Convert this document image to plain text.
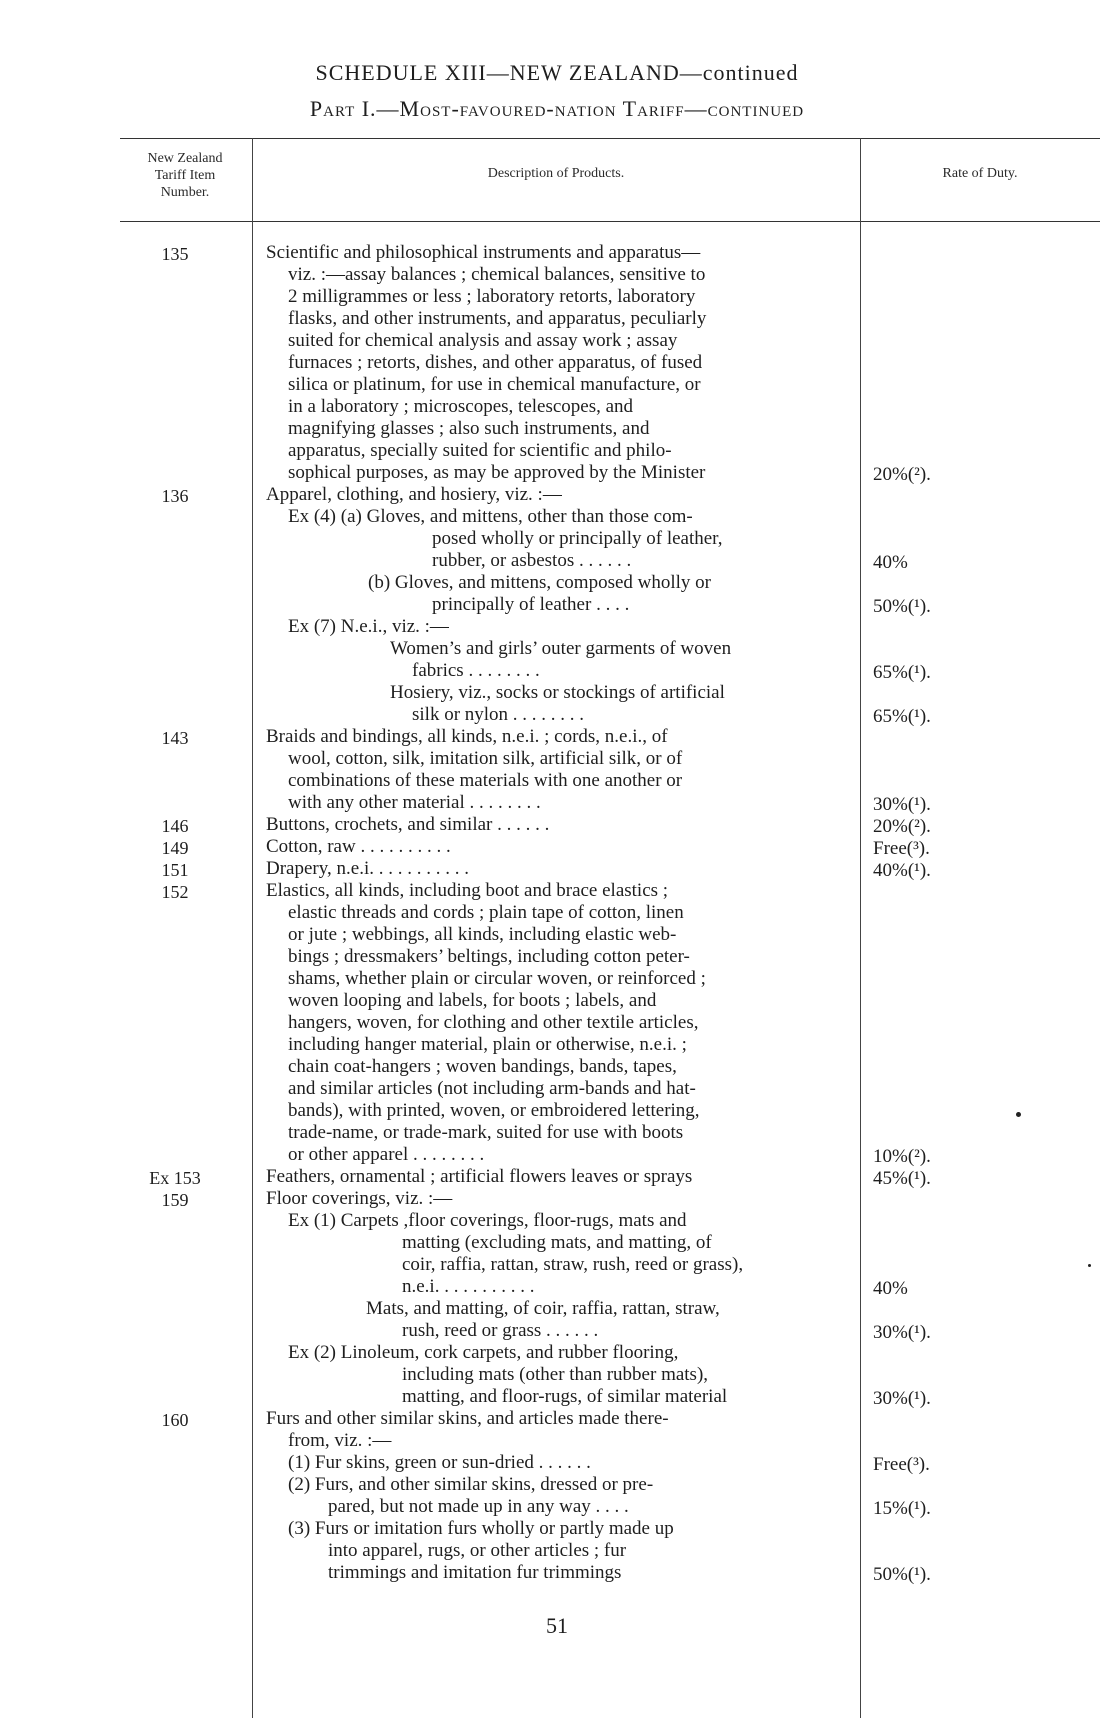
SCHEDULE XIII—NEW ZEALAND—continued
Part I.—Most-favoured-nation Tariff—continued
New Zealand
Tariff Item
Number.
Description of Products.	Rate of Duty.
135
136
143
146
149
151
152
Ex 153
159
160
Scientific and philosophical instruments and apparatus—
viz. :—assay balances ; chemical balances, sensitive to
2 milligrammes or less ; laboratory retorts, laboratory
flasks, and other instruments, and apparatus, peculiarly
suited for chemical analysis and assay work ; assay
furnaces ; retorts, dishes, and other apparatus, of fused
silica or platinum, for use in chemical manufacture, or
in a laboratory ; microscopes, telescopes, and
magnifying glasses ; also such instruments, and
apparatus, specially suited for scientific and philo-
sophical purposes, as may be approved by the Minister
Apparel, clothing, and hosiery, viz. :—
Ex (4) (a) Gloves, and mittens, other than those com-
posed wholly or principally of leather,
rubber, or asbestos . . . . . .
(b) Gloves, and mittens, composed wholly or
principally of leather . . . .
Ex (7) N.e.i., viz. :—
Women’s and girls’ outer garments of woven
fabrics . . . . . . . .
Hosiery, viz., socks or stockings of artificial
silk or nylon . . . . . . . .
Braids and bindings, all kinds, n.e.i. ; cords, n.e.i., of
wool, cotton, silk, imitation silk, artificial silk, or of
combinations of these materials with one another or
with any other material . . . . . . . .
Buttons, crochets, and similar . . . . . .
Cotton, raw . . . . . . . . . .
Drapery, n.e.i. . . . . . . . . . .
Elastics, all kinds, including boot and brace elastics ;
elastic threads and cords ; plain tape of cotton, linen
or jute ; webbings, all kinds, including elastic web-
bings ; dressmakers’ beltings, including cotton peter-
shams, whether plain or circular woven, or reinforced ;
woven looping and labels, for boots ; labels, and
hangers, woven, for clothing and other textile articles,
including hanger material, plain or otherwise, n.e.i. ;
chain coat-hangers ; woven bandings, bands, tapes,
and similar articles (not including arm-bands and hat-
bands), with printed, woven, or embroidered lettering,
trade-name, or trade-mark, suited for use with boots
or other apparel . . . . . . . .
Feathers, ornamental ; artificial flowers leaves or sprays
Floor coverings, viz. :—
Ex (1) Carpets ,floor coverings, floor-rugs, mats and
matting (excluding mats, and matting, of
coir, raffia, rattan, straw, rush, reed or grass),
n.e.i. . . . . . . . . . .
Mats, and matting, of coir, raffia, rattan, straw,
rush, reed or grass . . . . . .
Ex (2) Linoleum, cork carpets, and rubber flooring,
including mats (other than rubber mats),
matting, and floor-rugs, of similar material
Furs and other similar skins, and articles made there-
from, viz. :—
(1) Fur skins, green or sun-dried . . . . . .
(2) Furs, and other similar skins, dressed or pre-
pared, but not made up in any way . . . .
(3) Furs or imitation furs wholly or partly made up
into apparel, rugs, or other articles ; fur
trimmings and imitation fur trimmings
20%(²).
40%
50%(¹).
65%(¹).
65%(¹).
30%(¹).
20%(²).
Free(³).
40%(¹).
10%(²).
45%(¹).
40%
30%(¹).
30%(¹).
Free(³).
15%(¹).
50%(¹).
51
